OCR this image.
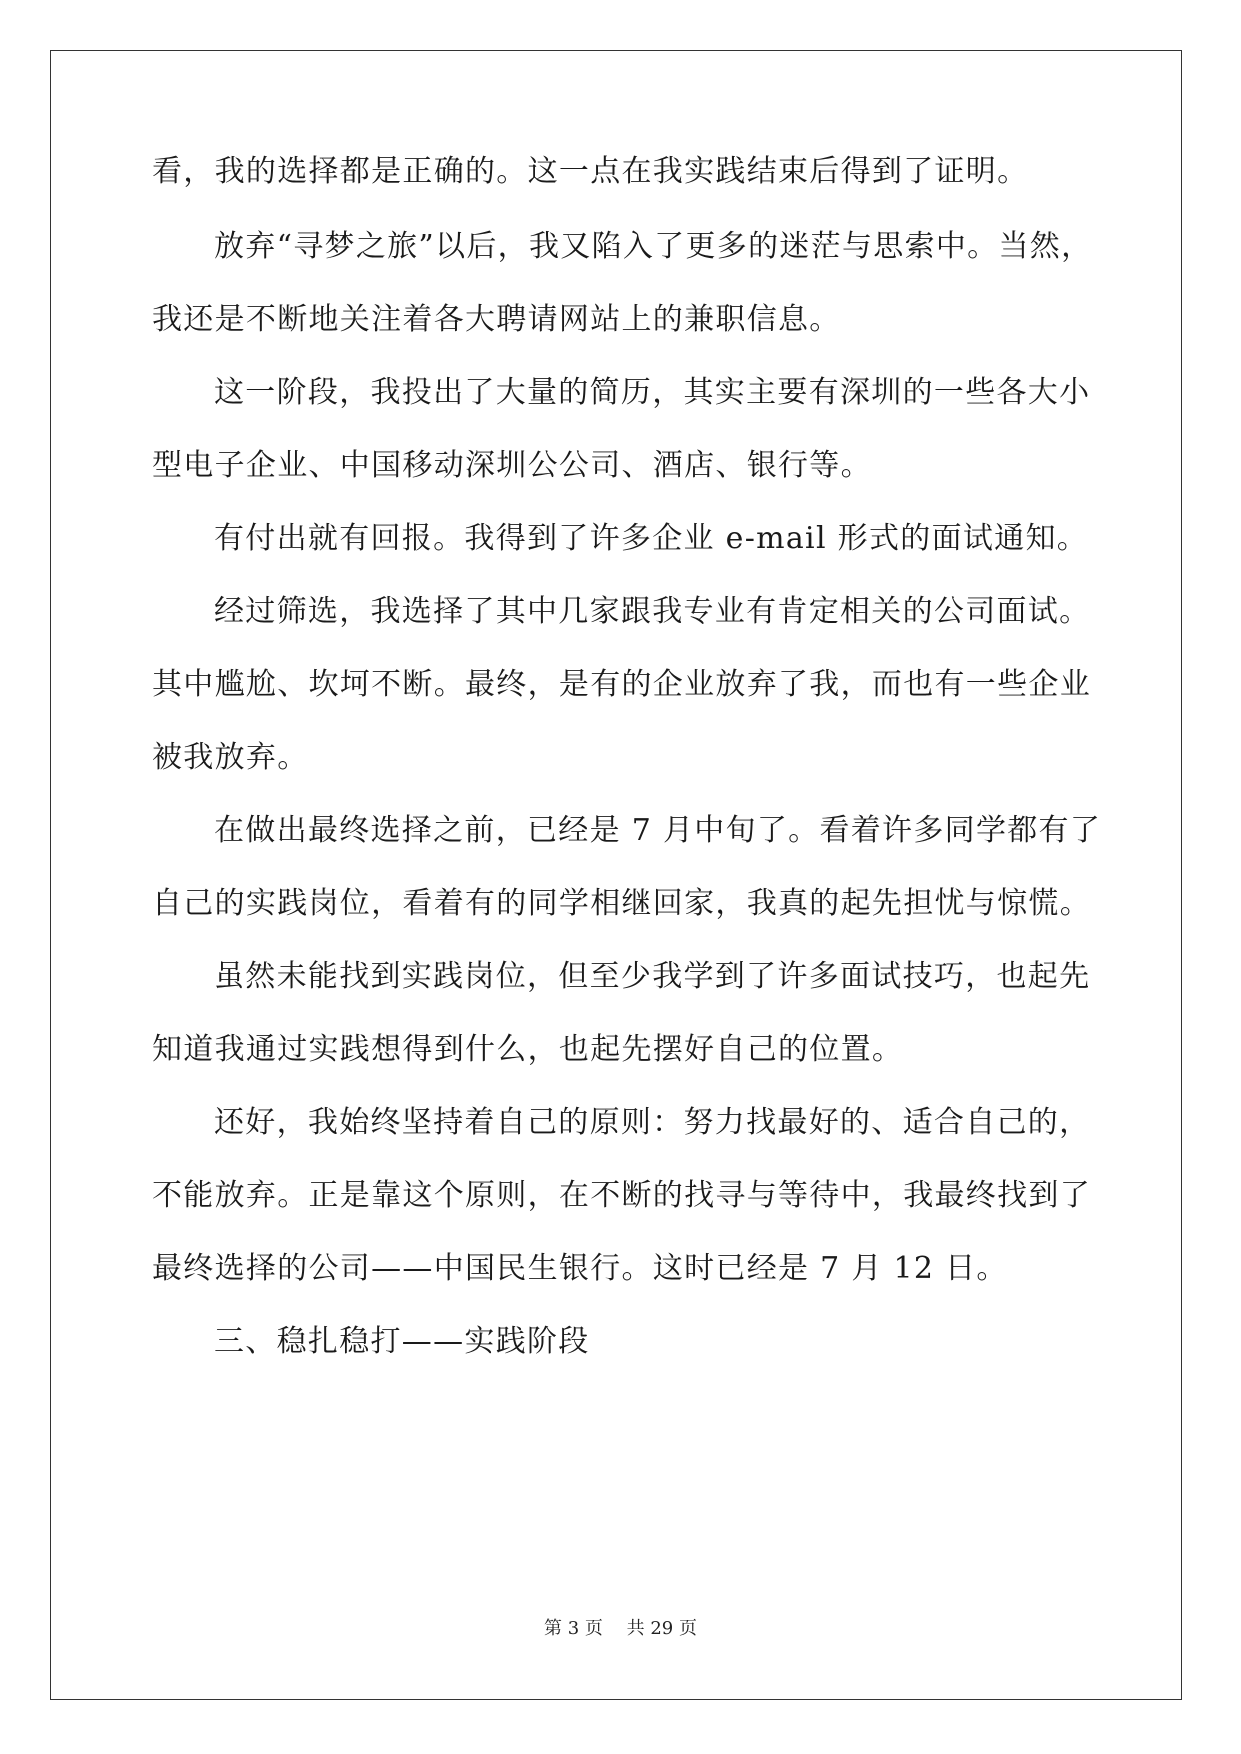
看，我的选择都是正确的。这一点在我实践结束后得到了证明。

放弃“寻梦之旅”以后，我又陷入了更多的迷茫与思索中。当然，

我还是不断地关注着各大聘请网站上的兼职信息。

这一阶段，我投出了大量的简历，其实主要有深圳的一些各大小

型电子企业、中国移动深圳公公司、酒店、银行等。

有付出就有回报。我得到了许多企业 e-mail 形式的面试通知。

经过筛选，我选择了其中几家跟我专业有肯定相关的公司面试。

其中尴尬、坎坷不断。最终，是有的企业放弃了我，而也有一些企业

被我放弃。

在做出最终选择之前，已经是 7 月中旬了。看着许多同学都有了

自己的实践岗位，看着有的同学相继回家，我真的起先担忧与惊慌。

虽然未能找到实践岗位，但至少我学到了许多面试技巧，也起先

知道我通过实践想得到什么，也起先摆好自己的位置。

还好，我始终坚持着自己的原则：努力找最好的、适合自己的，

不能放弃。正是靠这个原则，在不断的找寻与等待中，我最终找到了

最终选择的公司——中国民生银行。这时已经是 7 月 12 日。

三、稳扎稳打——实践阶段

第 3 页　 共 29 页
